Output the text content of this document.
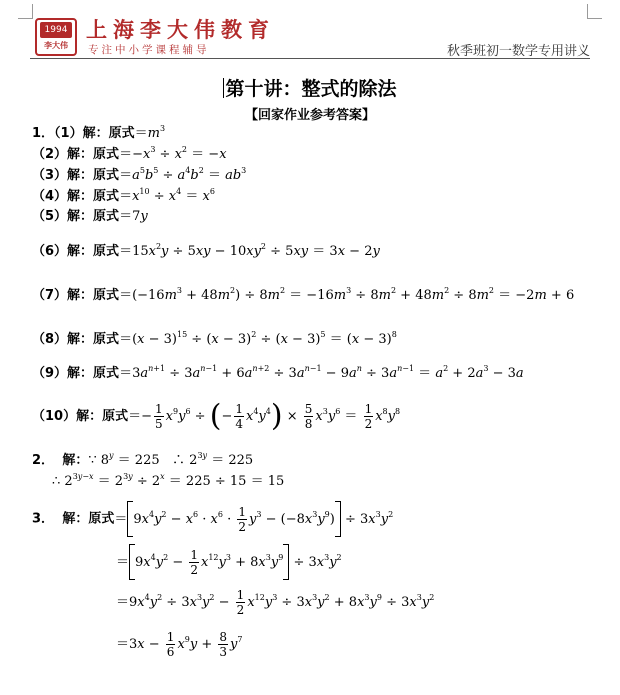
1994
李大伟
上海李大伟教育
专注中小学课程辅导	秋季班初一数学专用讲义
第十讲：整式的除法
【回家作业参考答案】
1．（1）解：原式$=m^3$
（2）解：原式$=-x^3 \div x^2 = -x$
（3）解：原式$=a^5b^5 \div a^4b^2 = ab^3$
（4）解：原式$=x^{10} \div x^4 = x^6$
（5）解：原式＝7y
（6）解：原式$=15x^2y \div 5xy - 10xy^2 \div 5xy = 3x - 2y$
（7）解：原式$=(-16m^3 + 48m^2) \div 8m^2 = -16m^3 \div 8m^2 + 48m^2 \div 8m^2 = -2m + 6$
（8）解：原式$=(x - 3)^{15} \div (x - 3)^2 \div (x - 3)^5 = (x - 3)^8$
（9）解：原式$=3a^{n+1} \div 3a^{n-1} + 6a^{n+2} \div 3a^{n-1} - 9a^n \div 3a^{n-1} = a^2 + 2a^3 - 3a$
（10）解：原式＝− $\frac{1}{5} x^9y^6$ ÷ (− $\frac{1}{4} x^4y^4) \times \frac{5}{8} x^3y^6 = \frac{1}{2} x^8y^8$
2． 解：∵ $8^y = 225$   ∴ $2^{3y} = 225$
∴ $2^{3y-x} = 2^{3y} \div 2^x = 225 \div 15 = 15$
3． 解：原式＝ $9x^4y^2 - x^6 \cdot x^6 \cdot \frac{1}{2} y^3 - (-8x^3y^9) \div 3x^3y^2$
＝ $9x^4y^2 - \frac{1}{2} x^{12}y^3 + 8x^3y^9 \div 3x^3y^2$
$=9x^4y^2 \div 3x^3y^2 - \frac{1}{2} x^{12}y^3 \div 3x^3y^2 + 8x^3y^9 \div 3x^3y^2$
$=3x - \frac{1}{6} x^9y + \frac{8}{3} y^7$
